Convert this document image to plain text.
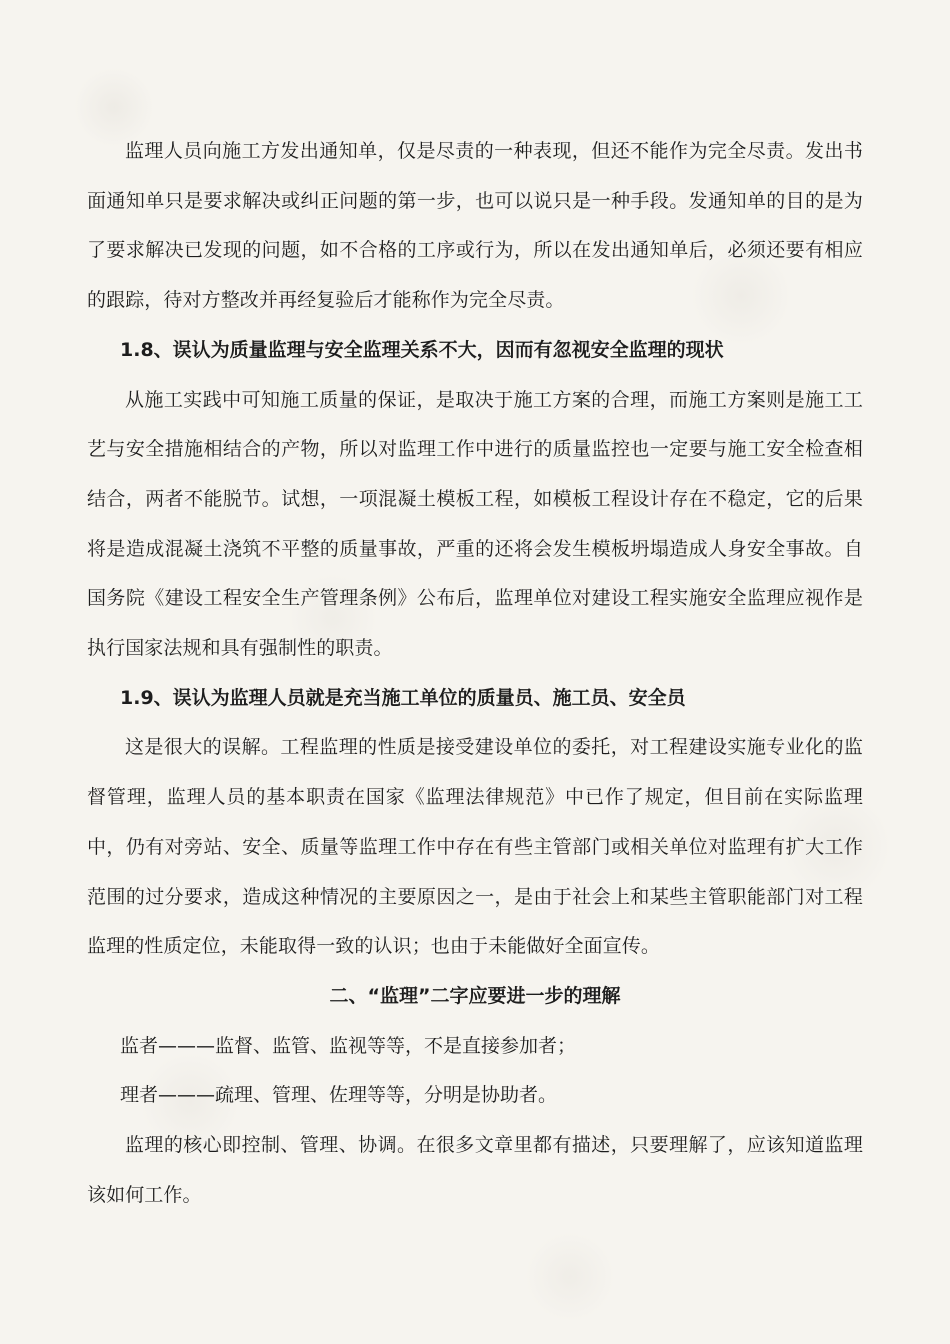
监理人员向施工方发出通知单，仅是尽责的一种表现，但还不能作为完全尽责。发出书面通知单只是要求解决或纠正问题的第一步，也可以说只是一种手段。发通知单的目的是为了要求解决已发现的问题，如不合格的工序或行为，所以在发出通知单后，必须还要有相应的跟踪，待对方整改并再经复验后才能称作为完全尽责。

1.8、误认为质量监理与安全监理关系不大，因而有忽视安全监理的现状

从施工实践中可知施工质量的保证，是取决于施工方案的合理，而施工方案则是施工工艺与安全措施相结合的产物，所以对监理工作中进行的质量监控也一定要与施工安全检查相结合，两者不能脱节。试想，一项混凝土模板工程，如模板工程设计存在不稳定，它的后果将是造成混凝土浇筑不平整的质量事故，严重的还将会发生模板坍塌造成人身安全事故。自国务院《建设工程安全生产管理条例》公布后，监理单位对建设工程实施安全监理应视作是执行国家法规和具有强制性的职责。

1.9、误认为监理人员就是充当施工单位的质量员、施工员、安全员

这是很大的误解。工程监理的性质是接受建设单位的委托，对工程建设实施专业化的监督管理，监理人员的基本职责在国家《监理法律规范》中已作了规定，但目前在实际监理中，仍有对旁站、安全、质量等监理工作中存在有些主管部门或相关单位对监理有扩大工作范围的过分要求，造成这种情况的主要原因之一，是由于社会上和某些主管职能部门对工程监理的性质定位，未能取得一致的认识；也由于未能做好全面宣传。

二、“监理”二字应要进一步的理解

监者———监督、监管、监视等等，不是直接参加者；

理者———疏理、管理、佐理等等，分明是协助者。

监理的核心即控制、管理、协调。在很多文章里都有描述，只要理解了，应该知道监理该如何工作。
